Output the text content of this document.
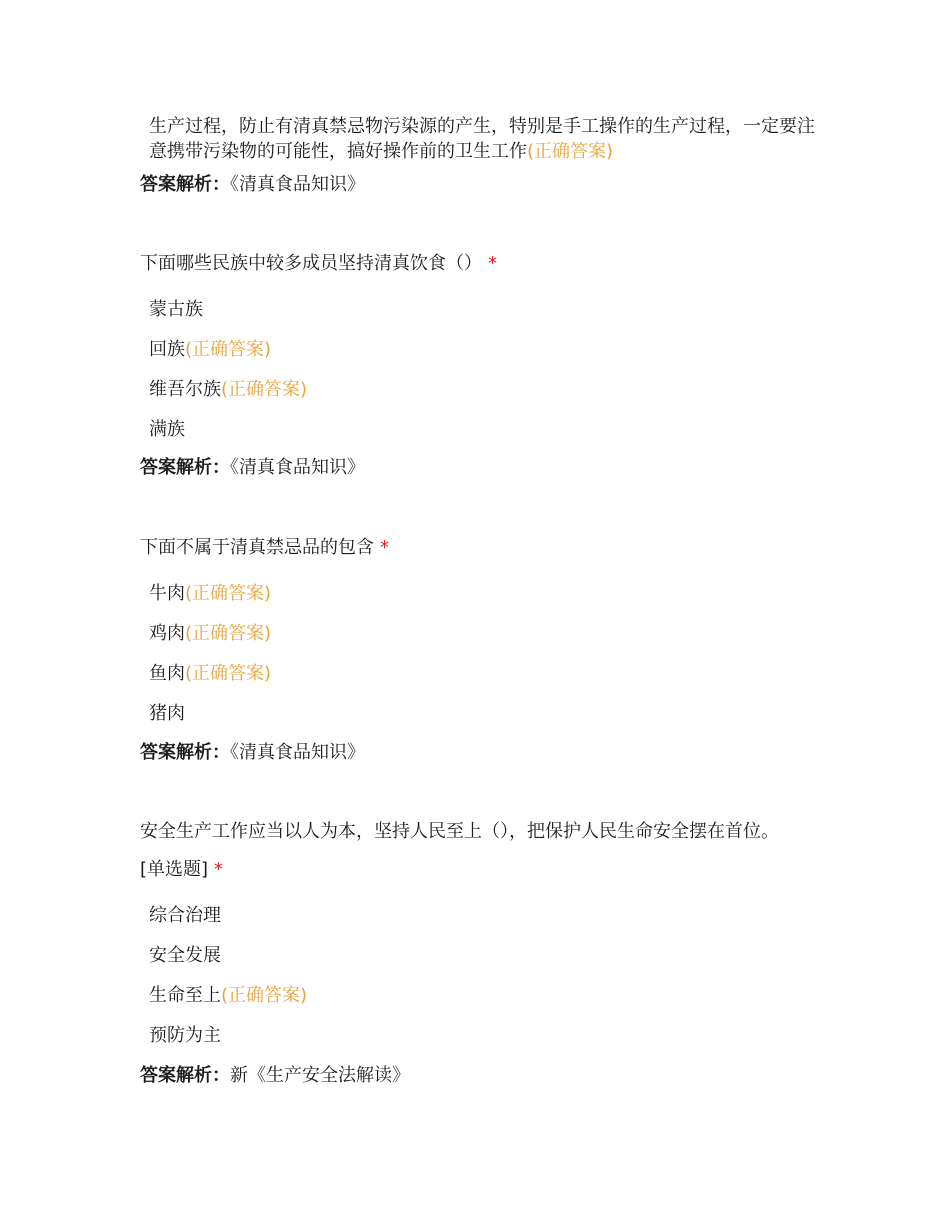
生产过程，防止有清真禁忌物污染源的产生，特别是手工操作的生产过程，一定要注意携带污染物的可能性，搞好操作前的卫生工作(正确答案)
答案解析：《清真食品知识》
下面哪些民族中较多成员坚持清真饮食（） *
蒙古族
回族(正确答案)
维吾尔族(正确答案)
满族
答案解析：《清真食品知识》
下面不属于清真禁忌品的包含 *
牛肉(正确答案)
鸡肉(正确答案)
鱼肉(正确答案)
猪肉
答案解析：《清真食品知识》
安全生产工作应当以人为本，坚持人民至上（），把保护人民生命安全摆在首位。
[单选题] *
综合治理
安全发展
生命至上(正确答案)
预防为主
答案解析：新《生产安全法解读》
